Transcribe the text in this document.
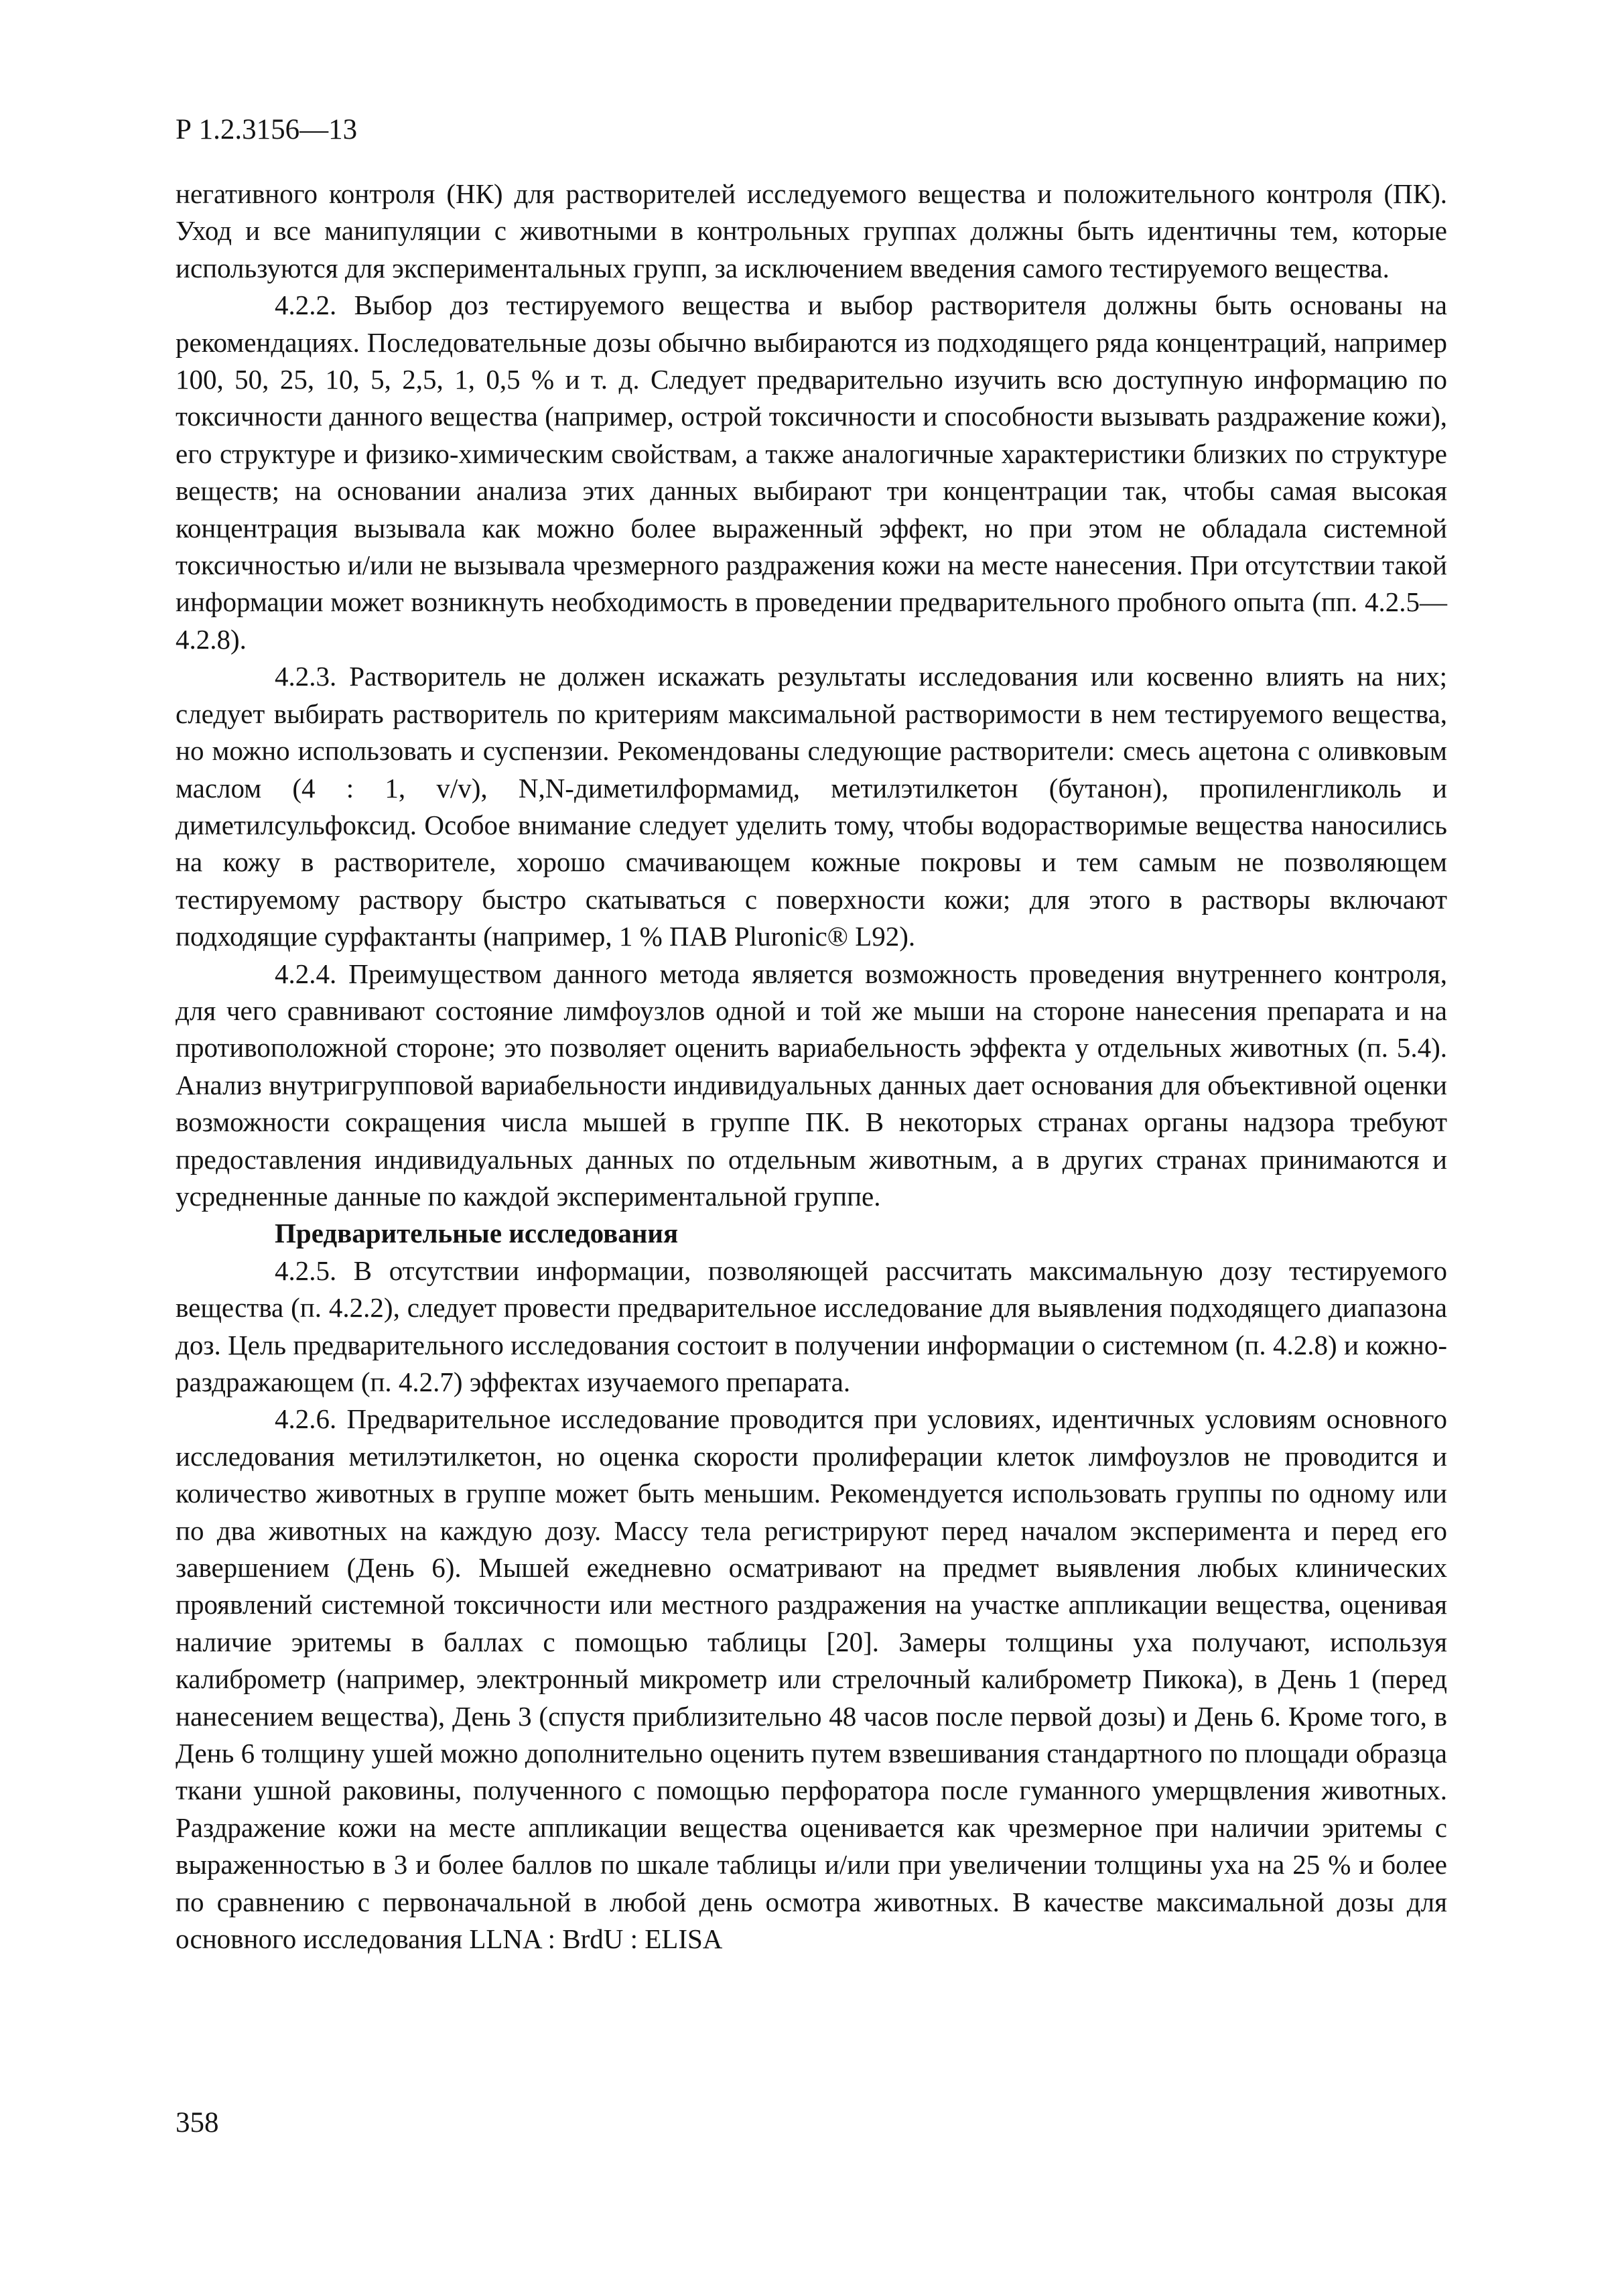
Р 1.2.3156—13

негативного контроля (НК) для растворителей исследуемого вещества и положительного контроля (ПК). Уход и все манипуляции с животными в контрольных группах должны быть идентичны тем, которые используются для экспериментальных групп, за исключением введения самого тестируемого вещества.

4.2.2. Выбор доз тестируемого вещества и выбор растворителя должны быть основаны на рекомендациях. Последовательные дозы обычно выбираются из подходящего ряда концентраций, например 100, 50, 25, 10, 5, 2,5, 1, 0,5 % и т. д. Следует предварительно изучить всю доступную информацию по токсичности данного вещества (например, острой токсичности и способности вызывать раздражение кожи), его структуре и физико-химическим свойствам, а также аналогичные характеристики близких по структуре веществ; на основании анализа этих данных выбирают три концентрации так, чтобы самая высокая концентрация вызывала как можно более выраженный эффект, но при этом не обладала системной токсичностью и/или не вызывала чрезмерного раздражения кожи на месте нанесения. При отсутствии такой информации может возникнуть необходимость в проведении предварительного пробного опыта (пп. 4.2.5—4.2.8).

4.2.3. Растворитель не должен искажать результаты исследования или косвенно влиять на них; следует выбирать растворитель по критериям максимальной растворимости в нем тестируемого вещества, но можно использовать и суспензии. Рекомендованы следующие растворители: смесь ацетона с оливковым маслом (4 : 1, v/v), N,N-диметилформамид, метилэтилкетон (бутанон), пропиленгликоль и диметилсульфоксид. Особое внимание следует уделить тому, чтобы водорастворимые вещества наносились на кожу в растворителе, хорошо смачивающем кожные покровы и тем самым не позволяющем тестируемому раствору быстро скатываться с поверхности кожи; для этого в растворы включают подходящие сурфактанты (например, 1 % ПАВ Pluronic® L92).

4.2.4. Преимуществом данного метода является возможность проведения внутреннего контроля, для чего сравнивают состояние лимфоузлов одной и той же мыши на стороне нанесения препарата и на противоположной стороне; это позволяет оценить вариабельность эффекта у отдельных животных (п. 5.4). Анализ внутригрупповой вариабельности индивидуальных данных дает основания для объективной оценки возможности сокращения числа мышей в группе ПК. В некоторых странах органы надзора требуют предоставления индивидуальных данных по отдельным животным, а в других странах принимаются и усредненные данные по каждой экспериментальной группе.

Предварительные исследования

4.2.5. В отсутствии информации, позволяющей рассчитать максимальную дозу тестируемого вещества (п. 4.2.2), следует провести предварительное исследование для выявления подходящего диапазона доз. Цель предварительного исследования состоит в получении информации о системном (п. 4.2.8) и кожно-раздражающем (п. 4.2.7) эффектах изучаемого препарата.

4.2.6. Предварительное исследование проводится при условиях, идентичных условиям основного исследования метилэтилкетон, но оценка скорости пролиферации клеток лимфоузлов не проводится и количество животных в группе может быть меньшим. Рекомендуется использовать группы по одному или по два животных на каждую дозу. Массу тела регистрируют перед началом эксперимента и перед его завершением (День 6). Мышей ежедневно осматривают на предмет выявления любых клинических проявлений системной токсичности или местного раздражения на участке аппликации вещества, оценивая наличие эритемы в баллах с помощью таблицы [20]. Замеры толщины уха получают, используя калиброметр (например, электронный микрометр или стрелочный калиброметр Пикока), в День 1 (перед нанесением вещества), День 3 (спустя приблизительно 48 часов после первой дозы) и День 6. Кроме того, в День 6 толщину ушей можно дополнительно оценить путем взвешивания стандартного по площади образца ткани ушной раковины, полученного с помощью перфоратора после гуманного умерщвления животных. Раздражение кожи на месте аппликации вещества оценивается как чрезмерное при наличии эритемы с выраженностью в 3 и более баллов по шкале таблицы и/или при увеличении толщины уха на 25 % и более по сравнению с первоначальной в любой день осмотра животных. В качестве максимальной дозы для основного исследования LLNA : BrdU : ELISA

358
